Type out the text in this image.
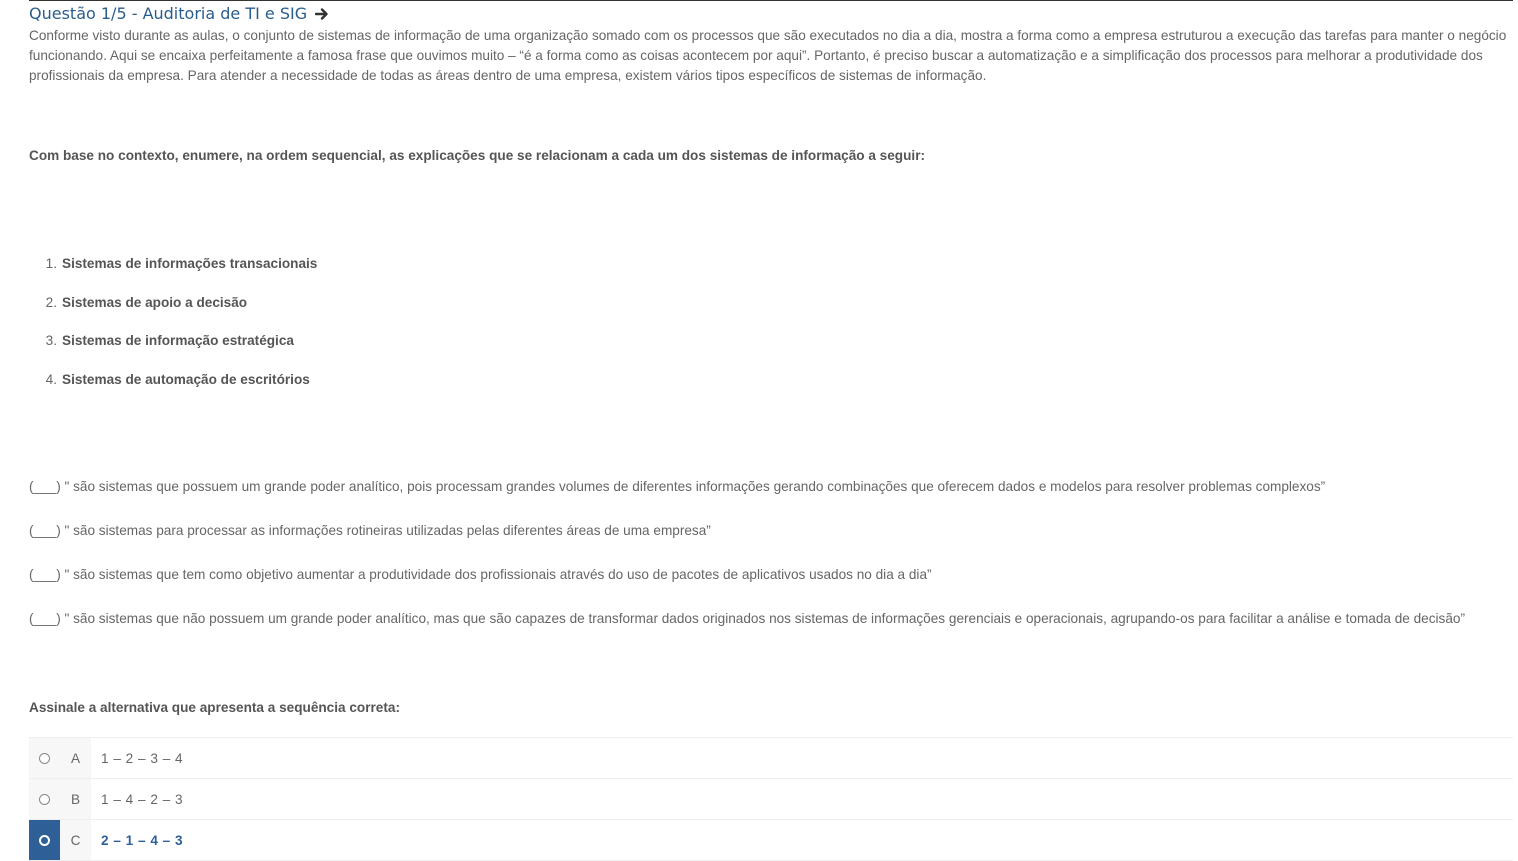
Questão 1/5 - Auditoria de TI e SIG

Conforme visto durante as aulas, o conjunto de sistemas de informação de uma organização somado com os processos que são executados no dia a dia, mostra a forma como a empresa estruturou a execução das tarefas para manter o negócio funcionando. Aqui se encaixa perfeitamente a famosa frase que ouvimos muito – “é a forma como as coisas acontecem por aqui”. Portanto, é preciso buscar a automatização e a simplificação dos processos para melhorar a produtividade dos profissionais da empresa. Para atender a necessidade de todas as áreas dentro de uma empresa, existem vários tipos específicos de sistemas de informação.

Com base no contexto, enumere, na ordem sequencial, as explicações que se relacionam a cada um dos sistemas de informação a seguir:

1. Sistemas de informações transacionais
2. Sistemas de apoio a decisão
3. Sistemas de informação estratégica
4. Sistemas de automação de escritórios

(___) " são sistemas que possuem um grande poder analítico, pois processam grandes volumes de diferentes informações gerando combinações que oferecem dados e modelos para resolver problemas complexos”

(___) " são sistemas para processar as informações rotineiras utilizadas pelas diferentes áreas de uma empresa”

(___) " são sistemas que tem como objetivo aumentar a produtividade dos profissionais através do uso de pacotes de aplicativos usados no dia a dia”

(___) " são sistemas que não possuem um grande poder analítico, mas que são capazes de transformar dados originados nos sistemas de informações gerenciais e operacionais, agrupando-os para facilitar a análise e tomada de decisão”

Assinale a alternativa que apresenta a sequência correta:

A	1 – 2 – 3 – 4
B	1 – 4 – 2 – 3
C	2 – 1 – 4 – 3
